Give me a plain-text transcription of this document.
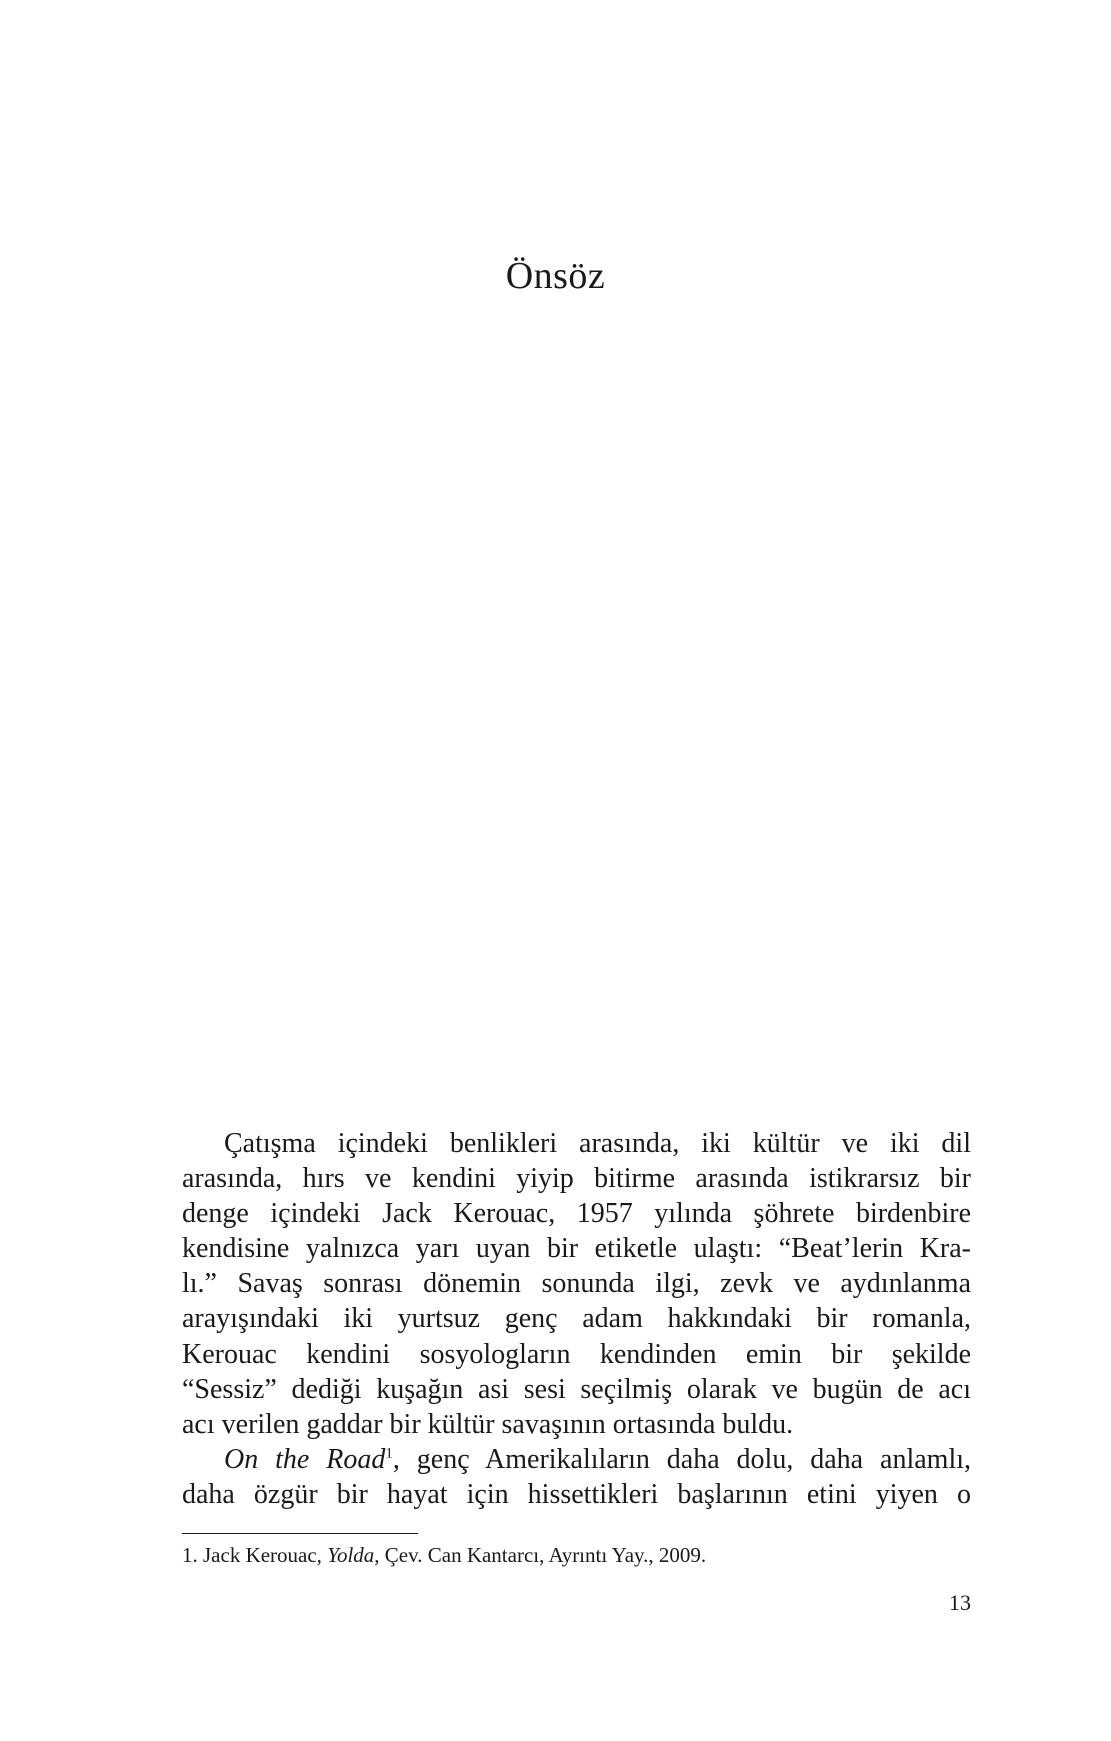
Önsöz
Çatışma içindeki benlikleri arasında, iki kültür ve iki dil
arasında, hırs ve kendini yiyip bitirme arasında istikrarsız bir
denge içindeki Jack Kerouac, 1957 yılında şöhrete birdenbire
kendisine yalnızca yarı uyan bir etiketle ulaştı: “Beat’lerin Kra-
lı.” Savaş sonrası dönemin sonunda ilgi, zevk ve aydınlanma
arayışındaki iki yurtsuz genç adam hakkındaki bir romanla,
Kerouac kendini sosyologların kendinden emin bir şekilde
“Sessiz” dediği kuşağın asi sesi seçilmiş olarak ve bugün de acı
acı verilen gaddar bir kültür savaşının ortasında buldu.
On the Road$^1$, genç Amerikalıların daha dolu, daha anlamlı,
daha özgür bir hayat için hissettikleri başlarının etini yiyen o
1. Jack Kerouac, Yolda, Çev. Can Kantarcı, Ayrıntı Yay., 2009.
13
